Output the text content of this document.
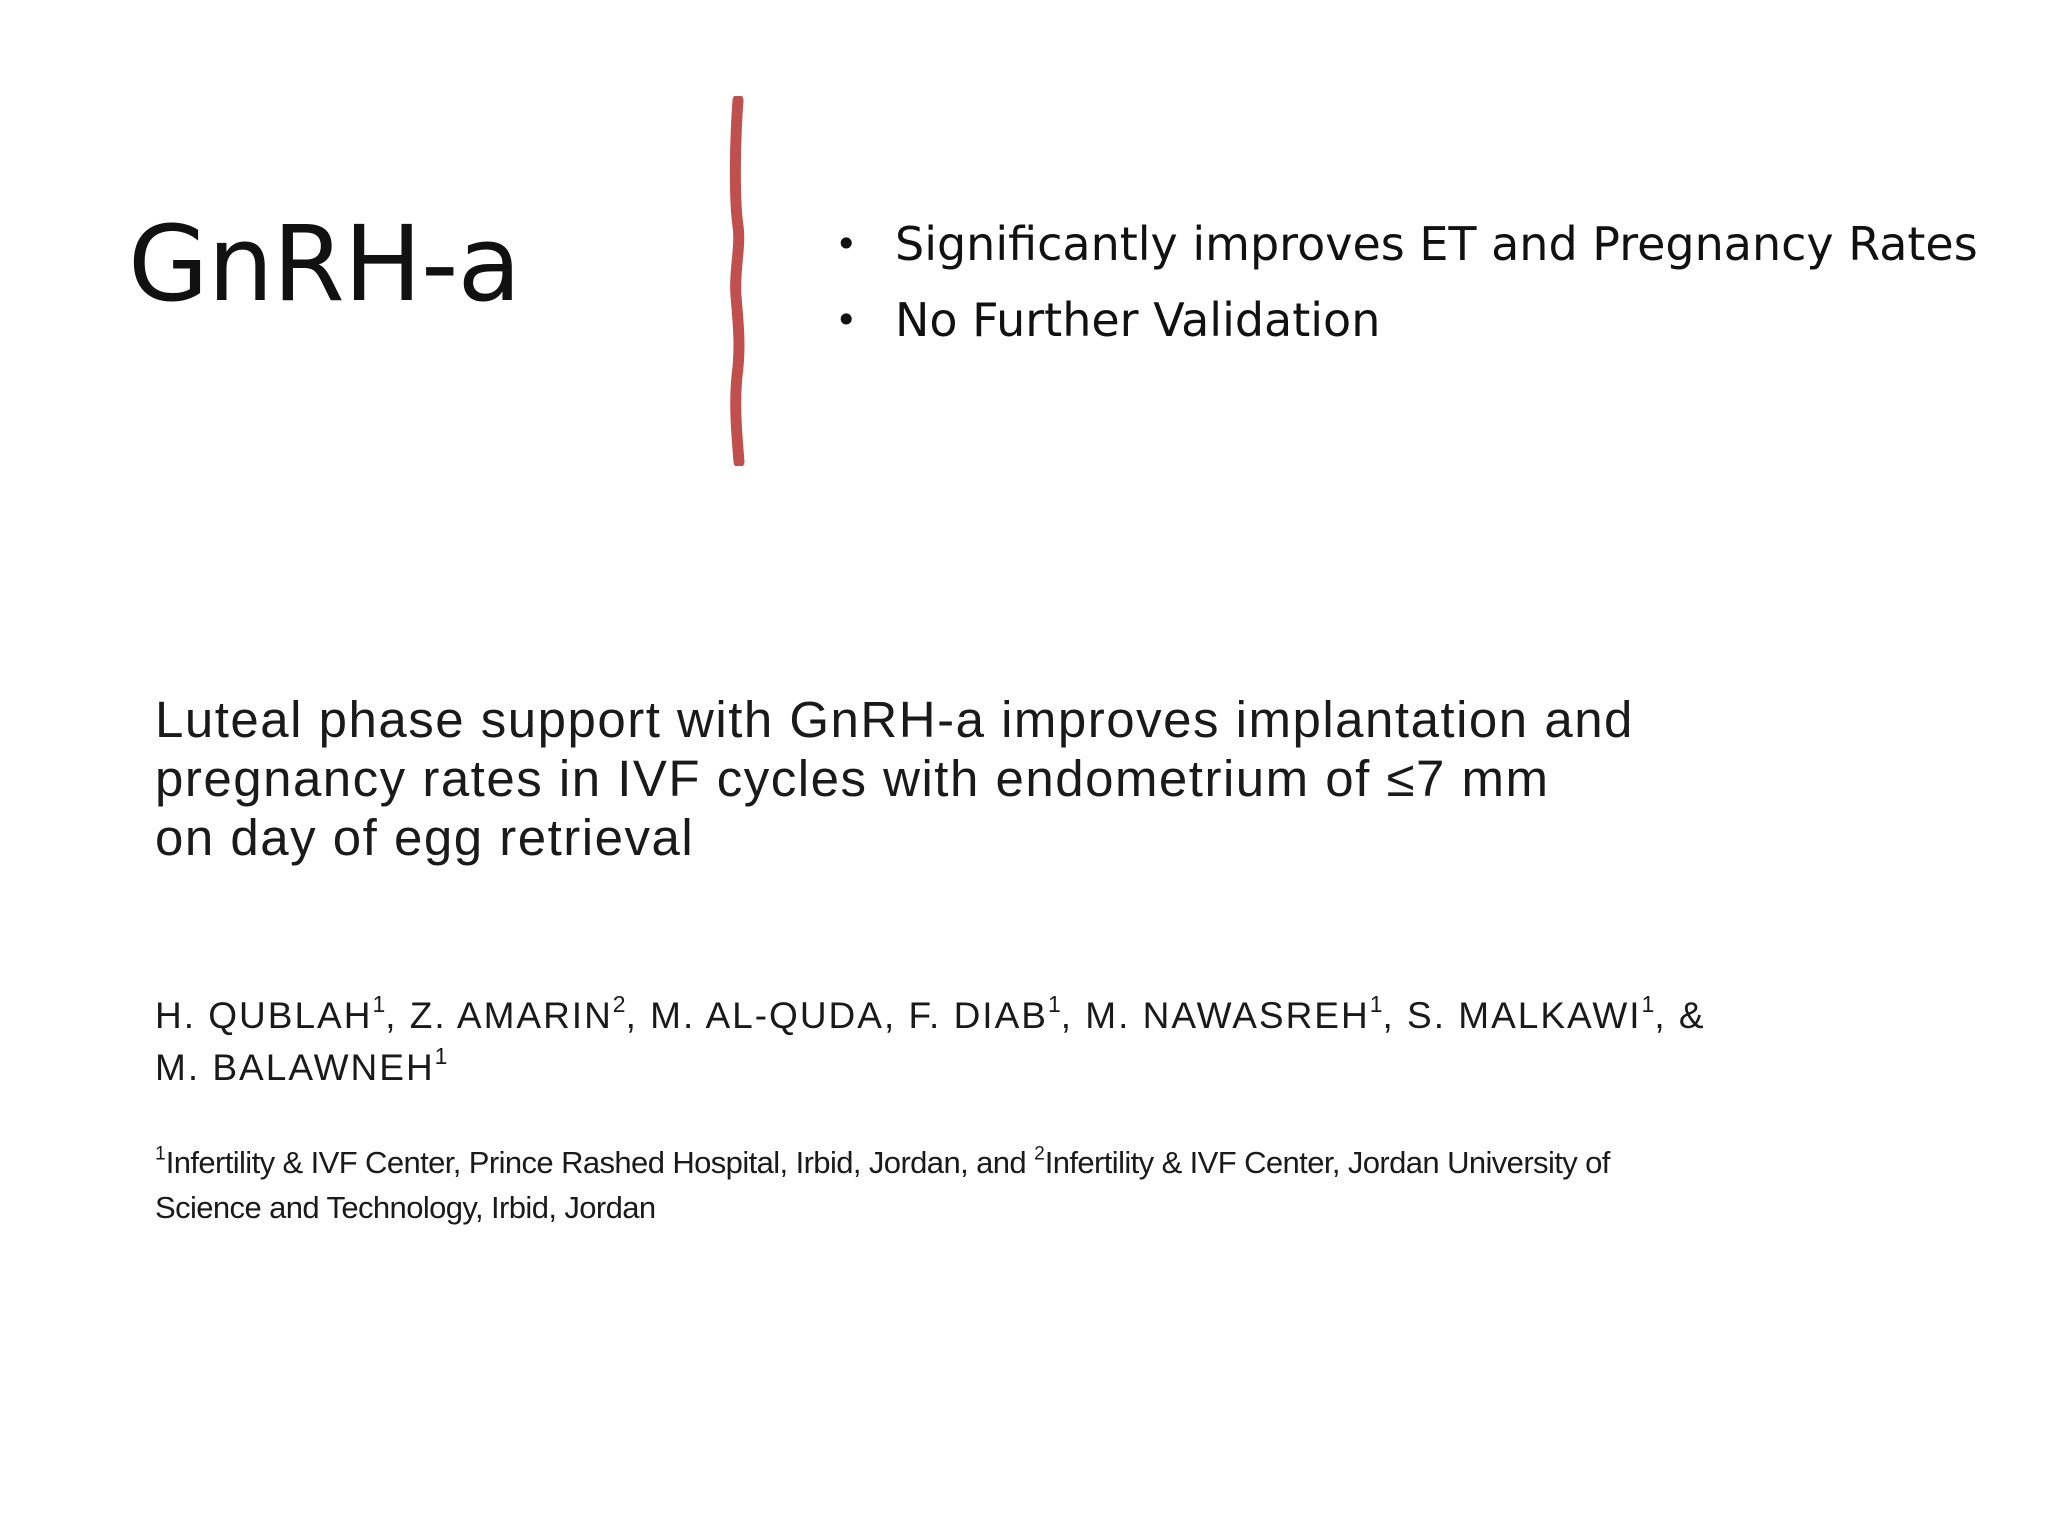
GnRH-a	• Significantly improves ET and Pregnancy Rates
• No Further Validation
Luteal phase support with GnRH-a improves implantation and
pregnancy rates in IVF cycles with endometrium of ≤7 mm
on day of egg retrieval
H. QUBLAH$^1$, Z. AMARIN$^2$, M. AL-QUDA, F. DIAB$^1$, M. NAWASREH$^1$, S. MALKAWI$^1$, &
M. BALAWNEH$^1$
$^1$Infertility & IVF Center, Prince Rashed Hospital, Irbid, Jordan, and $^2$Infertility & IVF Center, Jordan University of
Science and Technology, Irbid, Jordan
